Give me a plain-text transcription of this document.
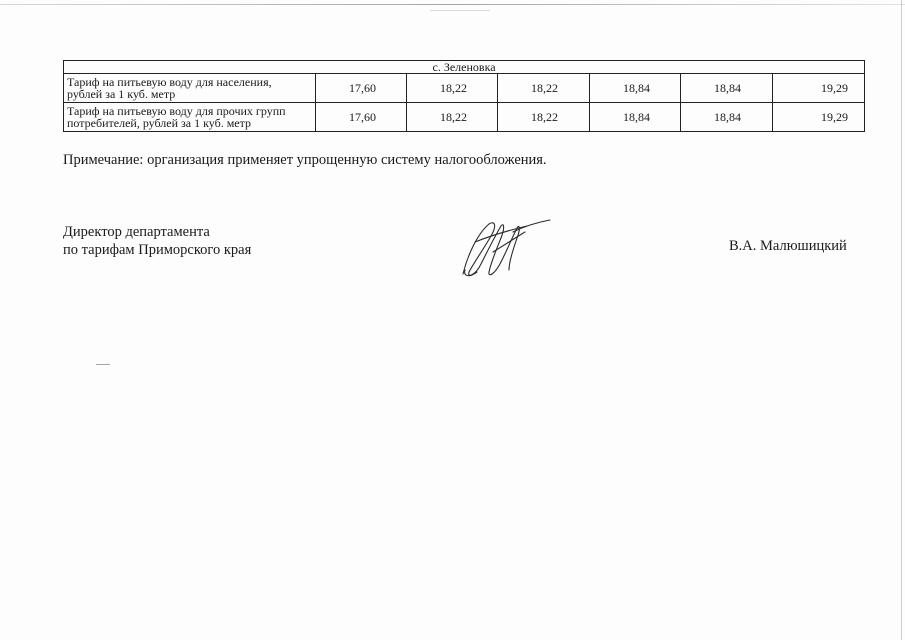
с. Зеленовка						
Тариф на питьевую воду для населения,
рублей за 1 куб. метр	17,60	18,22	18,22	18,84	18,84	19,29
Тариф на питьевую воду для прочих групп
потребителей, рублей за 1 куб. метр	17,60	18,22	18,22	18,84	18,84	19,29
Примечание: организация применяет упрощенную систему налогообложения.
Директор департамента
по тарифам Приморского края	В.А. Малюшицкий
